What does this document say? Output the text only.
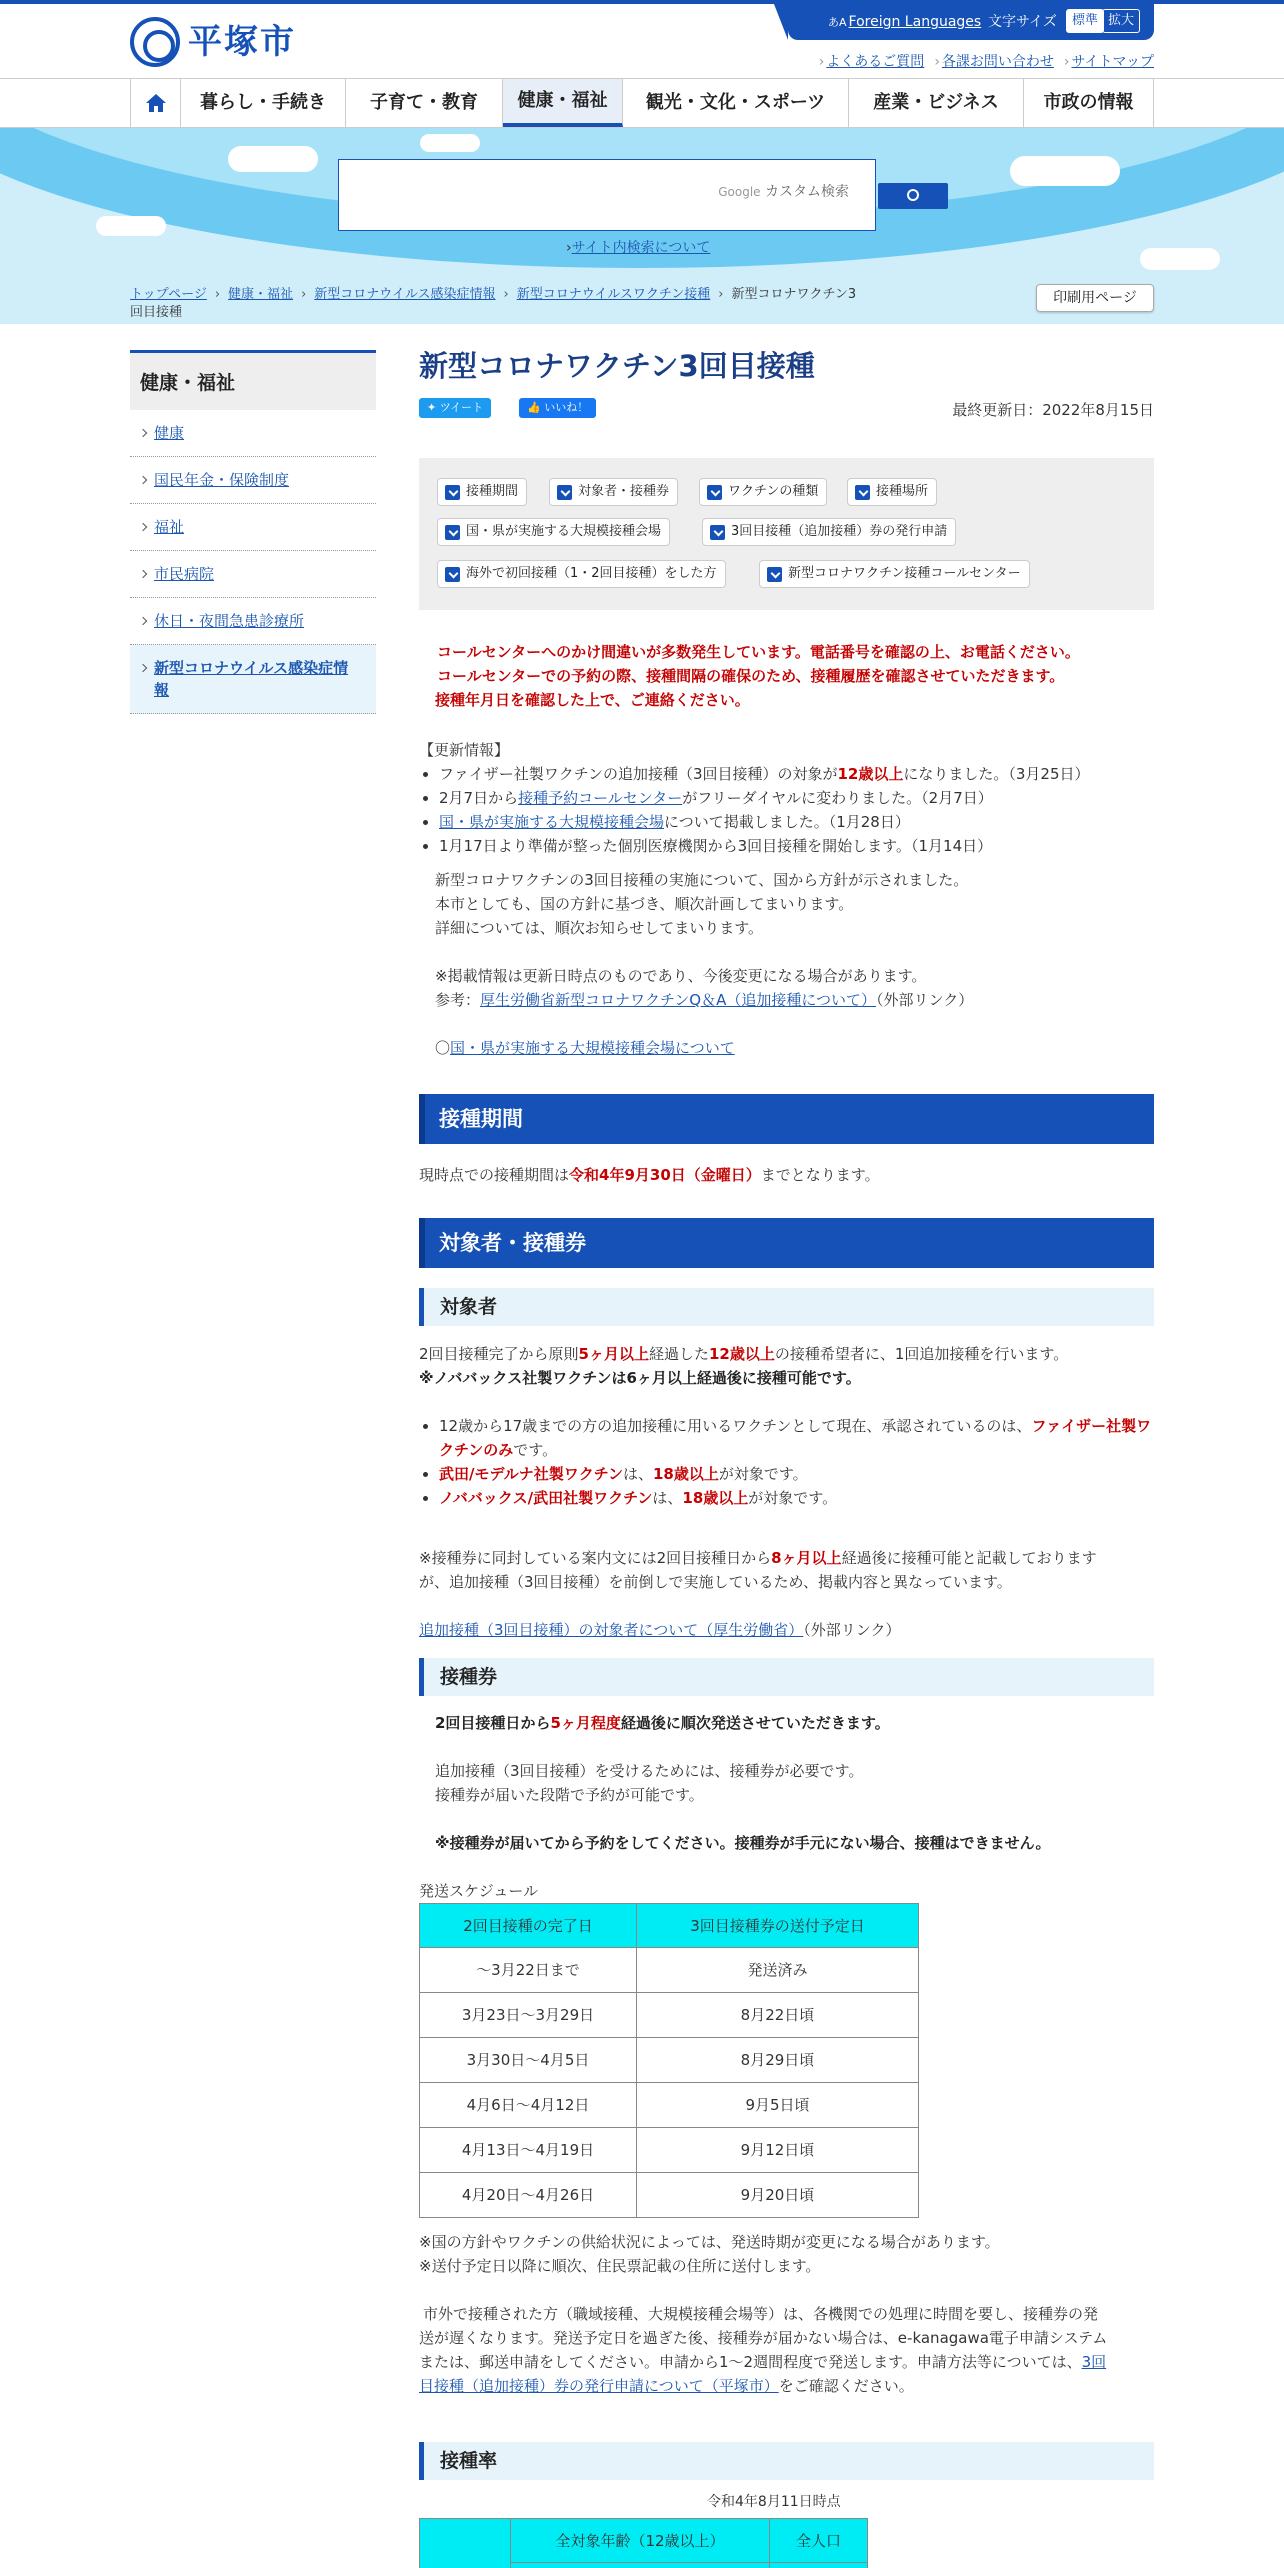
平塚市	あA Foreign Languages 文字サイズ	標準 拡大
› よくあるご質問 › 各課お問い合わせ › サイトマップ
暮らし・手続き	子育て・教育	健康・福祉	観光・文化・スポーツ	産業・ビジネス	市政の情報
Google カスタム検索
›サイト内検索について
トップページ › 健康・福祉 › 新型コロナウイルス感染症情報 › 新型コロナウイルスワクチン接種 › 新型コロナワクチン3
回目接種
印刷用ページ
健康・福祉
健康
国民年金・保険制度
福祉
市民病院
休日・夜間急患診療所
新型コロナウイルス感染症情
報
新型コロナワクチン3回目接種
✦ ツイート	👍 いいね！	最終更新日：2022年8月15日
接種期間	対象者・接種券	ワクチンの種類	接種場所
国・県が実施する大規模接種会場	3回目接種（追加接種）券の発行申請
海外で初回接種（1・2回目接種）をした方	新型コロナワクチン接種コールセンター
コールセンターへのかけ間違いが多数発生しています。電話番号を確認の上、お電話ください。
コールセンターでの予約の際、接種間隔の確保のため、接種履歴を確認させていただきます。
接種年月日を確認した上で、ご連絡ください。
【更新情報】
• ファイザー社製ワクチンの追加接種（3回目接種）の対象が12歳以上になりました。（3月25日）
• 2月7日から接種予約コールセンターがフリーダイヤルに変わりました。（2月7日）
• 国・県が実施する大規模接種会場について掲載しました。（1月28日）
• 1月17日より準備が整った個別医療機関から3回目接種を開始します。（1月14日）
新型コロナワクチンの3回目接種の実施について、国から方針が示されました。
本市としても、国の方針に基づき、順次計画してまいります。
詳細については、順次お知らせしてまいります。
※掲載情報は更新日時点のものであり、今後変更になる場合があります。
参考：厚生労働省新型コロナワクチンQ＆A（追加接種について）（外部リンク）
〇国・県が実施する大規模接種会場について
接種期間
現時点での接種期間は令和4年9月30日（金曜日）までとなります。
対象者・接種券
対象者
2回目接種完了から原則5ヶ月以上経過した12歳以上の接種希望者に、1回追加接種を行います。
※ノババックス社製ワクチンは6ヶ月以上経過後に接種可能です。
• 12歳から17歳までの方の追加接種に用いるワクチンとして現在、承認されているのは、ファイザー社製ワクチンのみです。
• 武田/モデルナ社製ワクチンは、18歳以上が対象です。
• ノババックス/武田社製ワクチンは、18歳以上が対象です。
※接種券に同封している案内文には2回目接種日から8ヶ月以上経過後に接種可能と記載しております
が、追加接種（3回目接種）を前倒しで実施しているため、掲載内容と異なっています。
追加接種（3回目接種）の対象者について（厚生労働省）（外部リンク）
接種券
2回目接種日から5ヶ月程度経過後に順次発送させていただきます。
追加接種（3回目接種）を受けるためには、接種券が必要です。
接種券が届いた段階で予約が可能です。
※接種券が届いてから予約をしてください。接種券が手元にない場合、接種はできません。
発送スケジュール
2回目接種の完了日	3回目接種券の送付予定日
～3月22日まで	発送済み
3月23日～3月29日	8月22日頃
3月30日～4月5日	8月29日頃
4月6日～4月12日	9月5日頃
4月13日～4月19日	9月12日頃
4月20日～4月26日	9月20日頃
※国の方針やワクチンの供給状況によっては、発送時期が変更になる場合があります。
※送付予定日以降に順次、住民票記載の住所に送付します。
市外で接種された方（職域接種、大規模接種会場等）は、各機関での処理に時間を要し、接種券の発
送が遅くなります。発送予定日を過ぎた後、接種券が届かない場合は、e-kanagawa電子申請システム
または、郵送申請をしてください。申請から1～2週間程度で発送します。申請方法等については、3回
目接種（追加接種）券の発行申請について（平塚市）をご確認ください。
接種率
令和4年8月11日時点
	全対象年齢（12歳以上）	全人口
